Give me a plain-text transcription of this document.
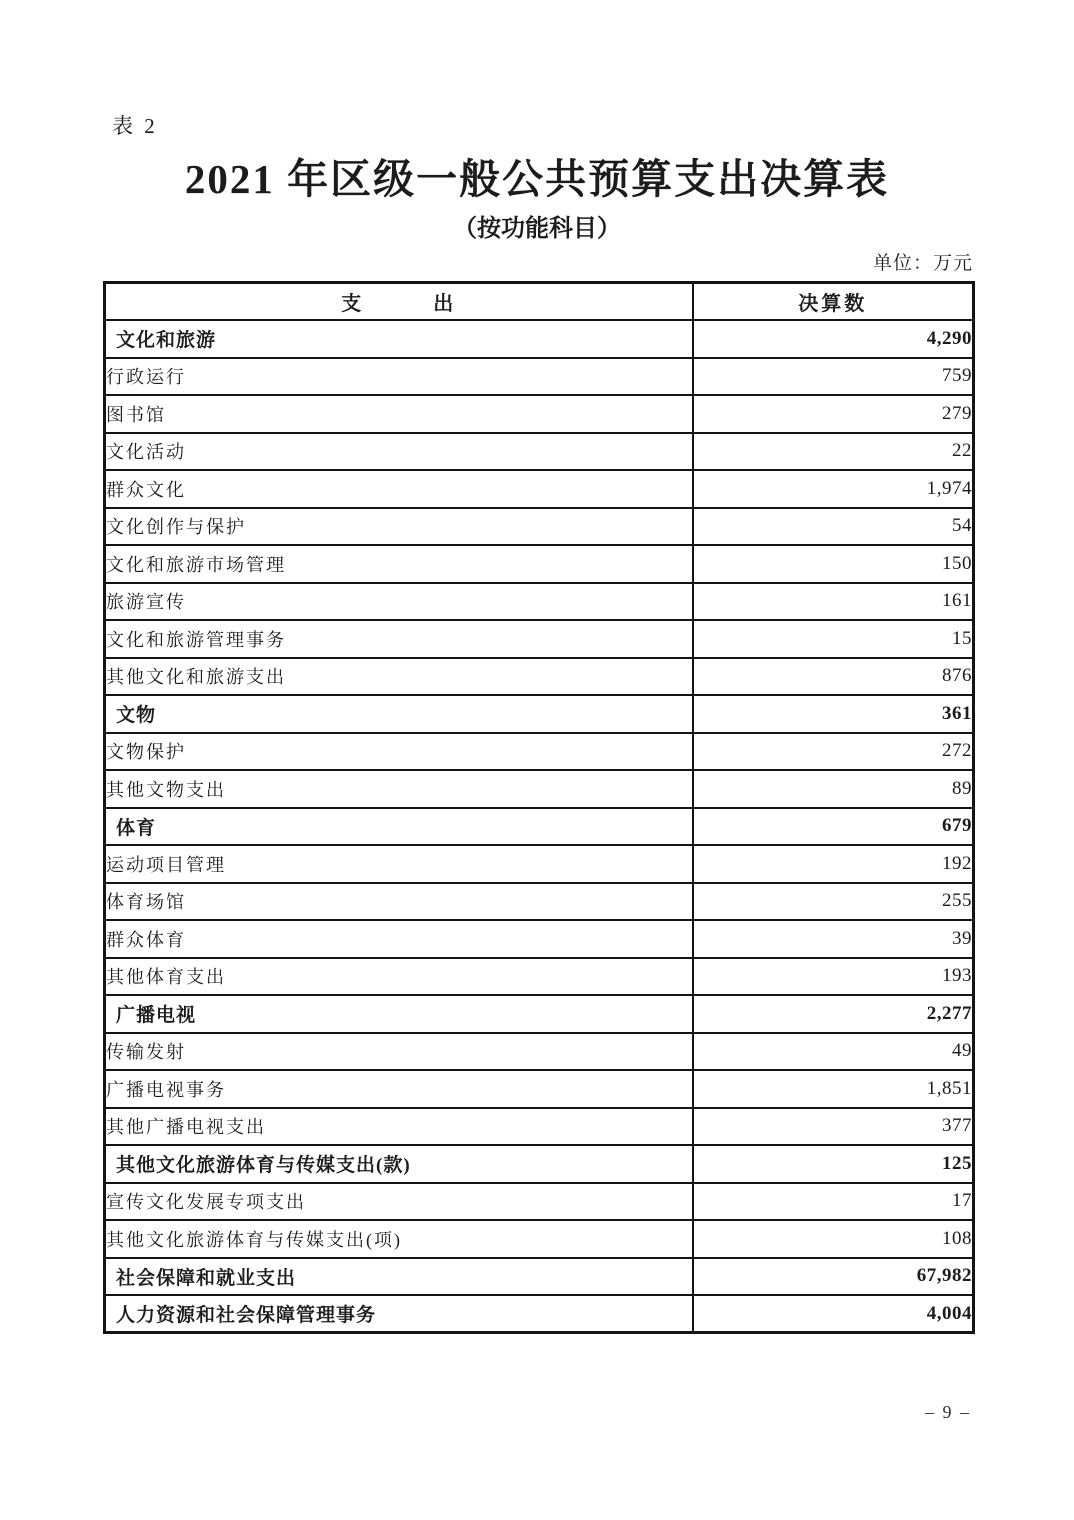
表 2
2021 年区级一般公共预算支出决算表
（按功能科目）
单位：万元
支　　　出	决算数
文化和旅游	4,290
行政运行	759
图书馆	279
文化活动	22
群众文化	1,974
文化创作与保护	54
文化和旅游市场管理	150
旅游宣传	161
文化和旅游管理事务	15
其他文化和旅游支出	876
文物	361
文物保护	272
其他文物支出	89
体育	679
运动项目管理	192
体育场馆	255
群众体育	39
其他体育支出	193
广播电视	2,277
传输发射	49
广播电视事务	1,851
其他广播电视支出	377
其他文化旅游体育与传媒支出(款)	125
宣传文化发展专项支出	17
其他文化旅游体育与传媒支出(项)	108
社会保障和就业支出	67,982
人力资源和社会保障管理事务	4,004
– 9 –
